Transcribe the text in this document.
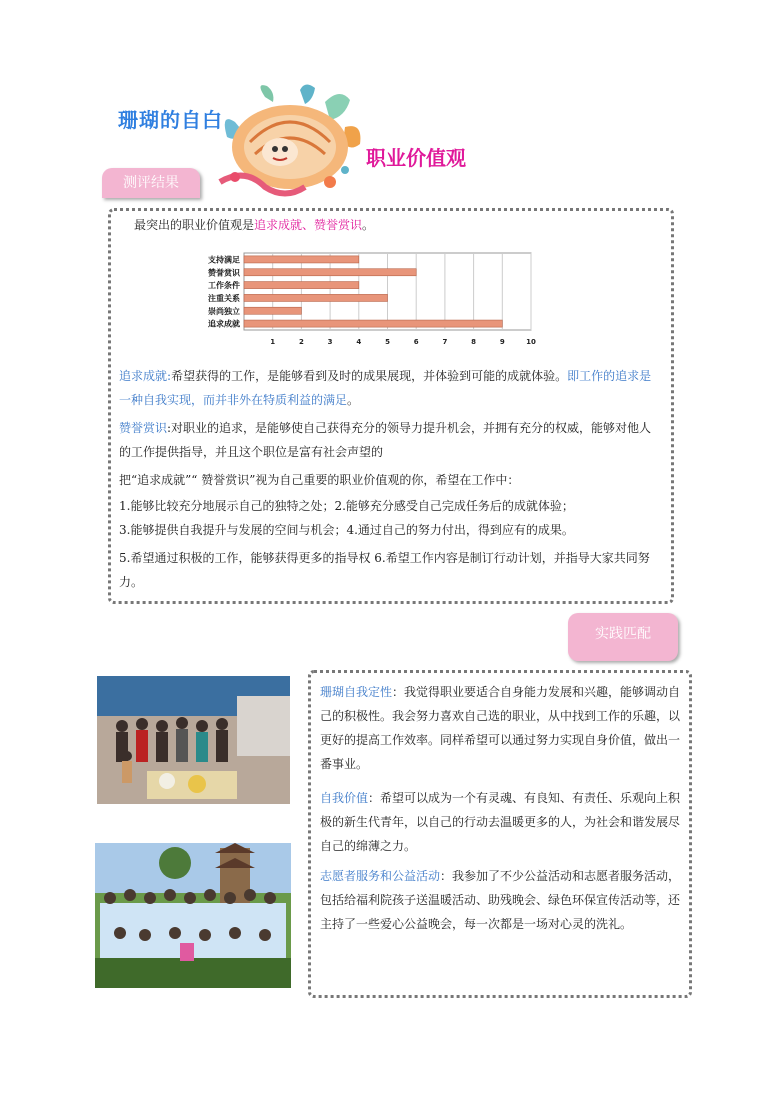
珊瑚的自白
职业价值观
测评结果
最突出的职业价值观是追求成就、赞誉赏识。
1	2	3	4	5	6	7	8	9	10
支持满足
赞誉赏识
工作条件
注重关系
崇尚独立
追求成就
追求成就:希望获得的工作，是能够看到及时的成果展现，并体验到可能的成就体验。即工作的追求是一种自我实现，而并非外在特质利益的满足。
赞誉赏识:对职业的追求，是能够使自己获得充分的领导力提升机会，并拥有充分的权威，能够对他人的工作提供指导，并且这个职位是富有社会声望的
把“追求成就”“ 赞誉赏识”视为自己重要的职业价值观的你，希望在工作中：
1.能够比较充分地展示自己的独特之处；2.能够充分感受自己完成任务后的成就体验；
3.能够提供自我提升与发展的空间与机会；4.通过自己的努力付出，得到应有的成果。
5.希望通过积极的工作，能够获得更多的指导权 6.希望工作内容是制订行动计划，并指导大家共同努力。
实践匹配
珊瑚自我定性：我觉得职业要适合自身能力发展和兴趣，能够调动自己的积极性。我会努力喜欢自己选的职业，从中找到工作的乐趣，以更好的提高工作效率。同样希望可以通过努力实现自身价值，做出一番事业。
自我价值：希望可以成为一个有灵魂、有良知、有责任、乐观向上积极的新生代青年，以自己的行动去温暖更多的人，为社会和谐发展尽自己的绵薄之力。
志愿者服务和公益活动：我参加了不少公益活动和志愿者服务活动，包括给福利院孩子送温暖活动、助残晚会、绿色环保宣传活动等，还主持了一些爱心公益晚会，每一次都是一场对心灵的洗礼。
